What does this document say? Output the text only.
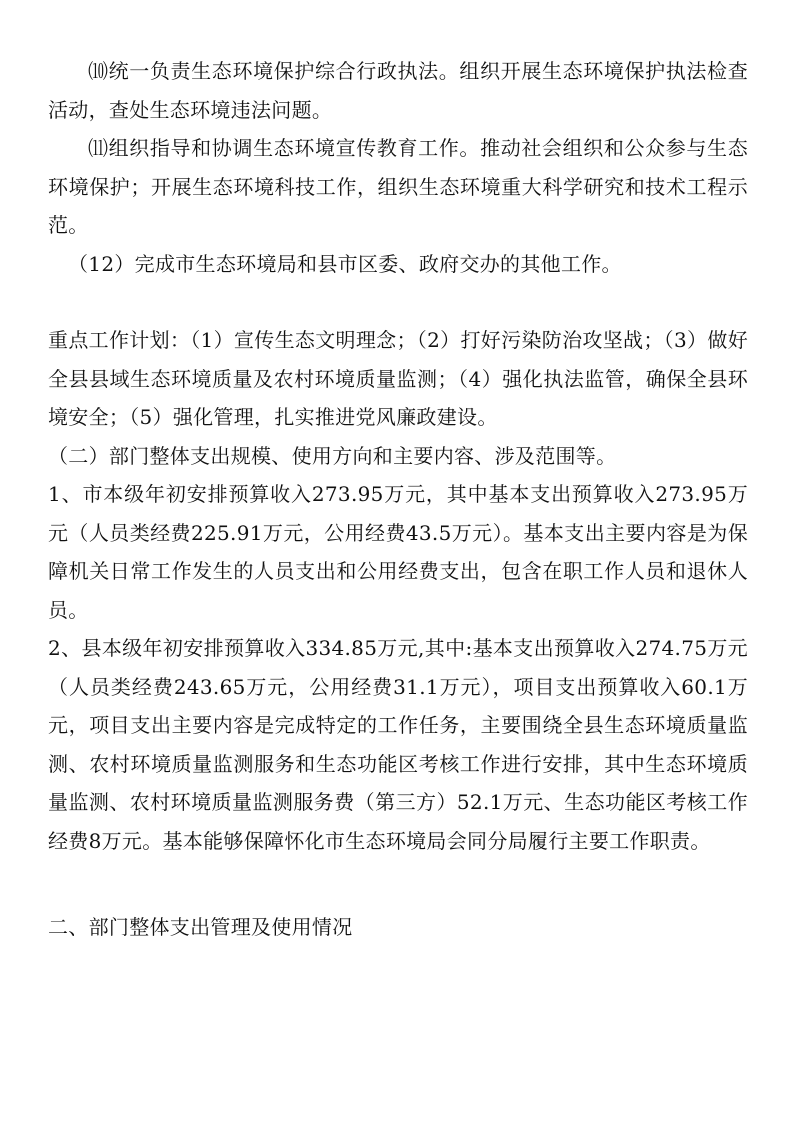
⑽统一负责生态环境保护综合行政执法。组织开展生态环境保护执法检查活动，查处生态环境违法问题。

⑾组织指导和协调生态环境宣传教育工作。推动社会组织和公众参与生态环境保护；开展生态环境科技工作，组织生态环境重大科学研究和技术工程示范。

（12）完成市生态环境局和县市区委、政府交办的其他工作。

重点工作计划：（1）宣传生态文明理念；（2）打好污染防治攻坚战；（3）做好全县县域生态环境质量及农村环境质量监测；（4）强化执法监管，确保全县环境安全；（5）强化管理，扎实推进党风廉政建设。

（二）部门整体支出规模、使用方向和主要内容、涉及范围等。

1、市本级年初安排预算收入273.95万元，其中基本支出预算收入273.95万元（人员类经费225.91万元，公用经费43.5万元）。基本支出主要内容是为保障机关日常工作发生的人员支出和公用经费支出，包含在职工作人员和退休人员。

2、县本级年初安排预算收入334.85万元,其中:基本支出预算收入274.75万元（人员类经费243.65万元，公用经费31.1万元），项目支出预算收入60.1万元，项目支出主要内容是完成特定的工作任务，主要围绕全县生态环境质量监测、农村环境质量监测服务和生态功能区考核工作进行安排，其中生态环境质量监测、农村环境质量监测服务费（第三方）52.1万元、生态功能区考核工作经费8万元。基本能够保障怀化市生态环境局会同分局履行主要工作职责。

二、部门整体支出管理及使用情况
